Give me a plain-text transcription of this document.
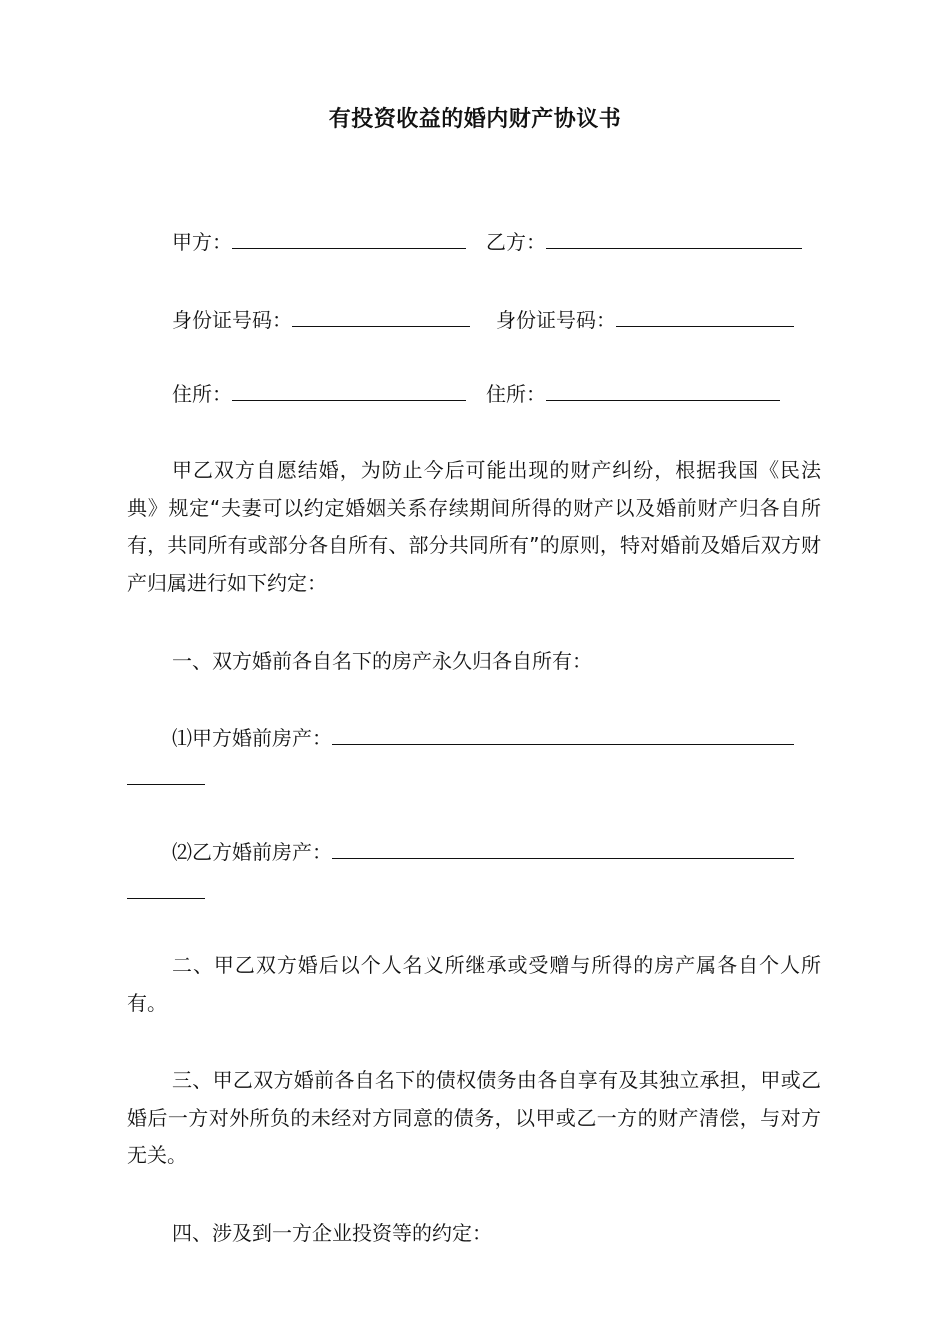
有投资收益的婚内财产协议书
甲方：	乙方：
身份证号码：	身份证号码：
住所：	住所：
甲乙双方自愿结婚，为防止今后可能出现的财产纠纷，根据我国《民法典》规定“夫妻可以约定婚姻关系存续期间所得的财产以及婚前财产归各自所有，共同所有或部分各自所有、部分共同所有”的原则，特对婚前及婚后双方财产归属进行如下约定：
一、双方婚前各自名下的房产永久归各自所有：
⑴甲方婚前房产：
⑵乙方婚前房产：
二、甲乙双方婚后以个人名义所继承或受赠与所得的房产属各自个人所有。
三、甲乙双方婚前各自名下的债权债务由各自享有及其独立承担，甲或乙婚后一方对外所负的未经对方同意的债务，以甲或乙一方的财产清偿，与对方无关。
四、涉及到一方企业投资等的约定：
